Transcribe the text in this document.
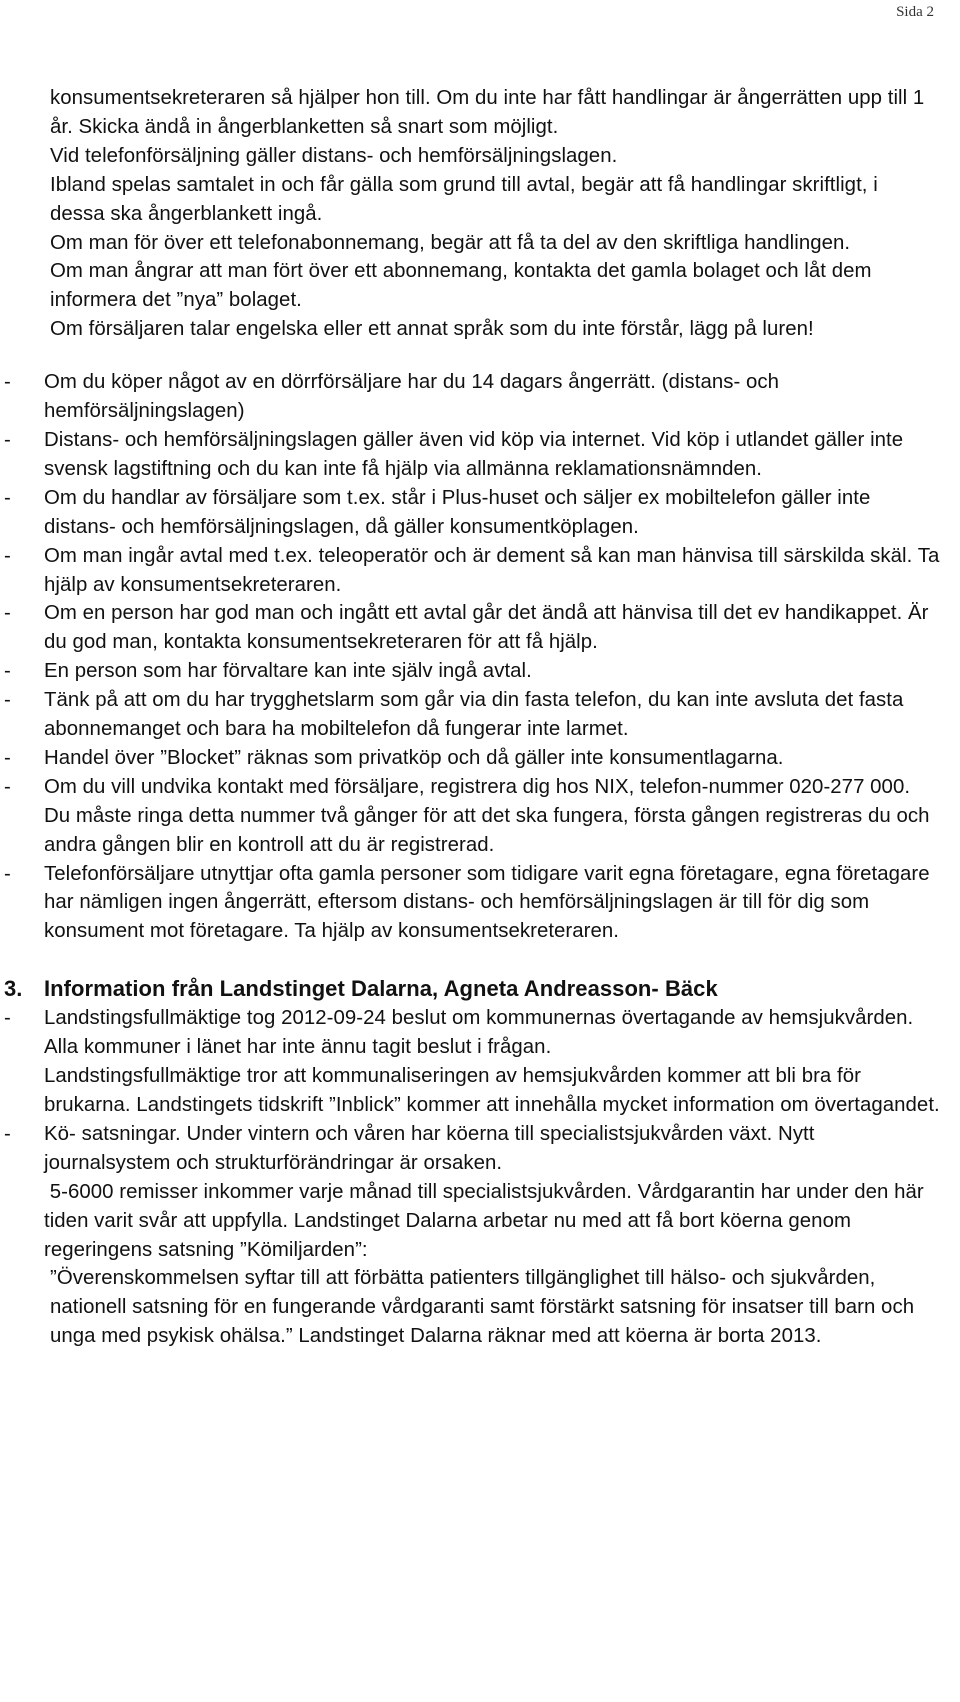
Sida 2
konsumentsekreteraren så hjälper hon till. Om du inte har fått handlingar är ångerrätten upp till 1 år. Skicka ändå in ångerblanketten så snart som möjligt.
Vid telefonförsäljning gäller distans- och hemförsäljningslagen.
Ibland spelas samtalet in och får gälla som grund till avtal, begär att få handlingar skriftligt, i dessa ska ångerblankett ingå.
Om man för över ett telefonabonnemang, begär att få ta del av den skriftliga handlingen.
Om man ångrar att man fört över ett abonnemang, kontakta det gamla bolaget och låt dem informera det ”nya” bolaget.
Om försäljaren talar engelska eller ett annat språk som du inte förstår, lägg på luren!
- Om du köper något av en dörrförsäljare har du 14 dagars ångerrätt. (distans- och hemförsäljningslagen)
- Distans- och hemförsäljningslagen gäller även vid köp via internet. Vid köp i utlandet gäller inte svensk lagstiftning och du kan inte få hjälp via allmänna reklamationsnämnden.
- Om du handlar av försäljare som t.ex. står i Plus-huset och säljer ex mobiltelefon gäller inte distans- och hemförsäljningslagen, då gäller konsumentköplagen.
- Om man ingår avtal med t.ex. teleoperatör och är dement så kan man hänvisa till särskilda skäl. Ta hjälp av konsumentsekreteraren.
- Om en person har god man och ingått ett avtal går det ändå att hänvisa till det ev handikappet. Är du god man, kontakta konsumentsekreteraren för att få hjälp.
- En person som har förvaltare kan inte själv ingå avtal.
- Tänk på att om du har trygghetslarm som går via din fasta telefon, du kan inte avsluta det fasta abonnemanget och bara ha mobiltelefon då fungerar inte larmet.
- Handel över ”Blocket” räknas som privatköp och då gäller inte konsumentlagarna.
- Om du vill undvika kontakt med försäljare, registrera dig hos NIX, telefon-nummer 020-277 000. Du måste ringa detta nummer två gånger för att det ska fungera, första gången registreras du och andra gången blir en kontroll att du är registrerad.
- Telefonförsäljare utnyttjar ofta gamla personer som tidigare varit egna företagare, egna företagare har nämligen ingen ångerrätt, eftersom distans- och hemförsäljningslagen är till för dig som konsument mot företagare. Ta hjälp av konsumentsekreteraren.
3. Information från Landstinget Dalarna, Agneta Andreasson- Bäck
- Landstingsfullmäktige tog 2012-09-24 beslut om kommunernas övertagande av hemsjukvården. Alla kommuner i länet har inte ännu tagit beslut i frågan.
Landstingsfullmäktige tror att kommunaliseringen av hemsjukvården kommer att bli bra för brukarna. Landstingets tidskrift ”Inblick” kommer att innehålla mycket information om övertagandet.
- Kö- satsningar. Under vintern och våren har köerna till specialistsjukvården växt. Nytt journalsystem och strukturförändringar är orsaken.
5-6000 remisser inkommer varje månad till specialistsjukvården. Vårdgarantin har under den här tiden varit svår att uppfylla. Landstinget Dalarna arbetar nu med att få bort köerna genom regeringens satsning ”Kömiljarden”:
”Överenskommelsen syftar till att förbätta patienters tillgänglighet till hälso- och sjukvården, nationell satsning för en fungerande vårdgaranti samt förstärkt satsning för insatser till barn och unga med psykisk ohälsa.” Landstinget Dalarna räknar med att köerna är borta 2013.
